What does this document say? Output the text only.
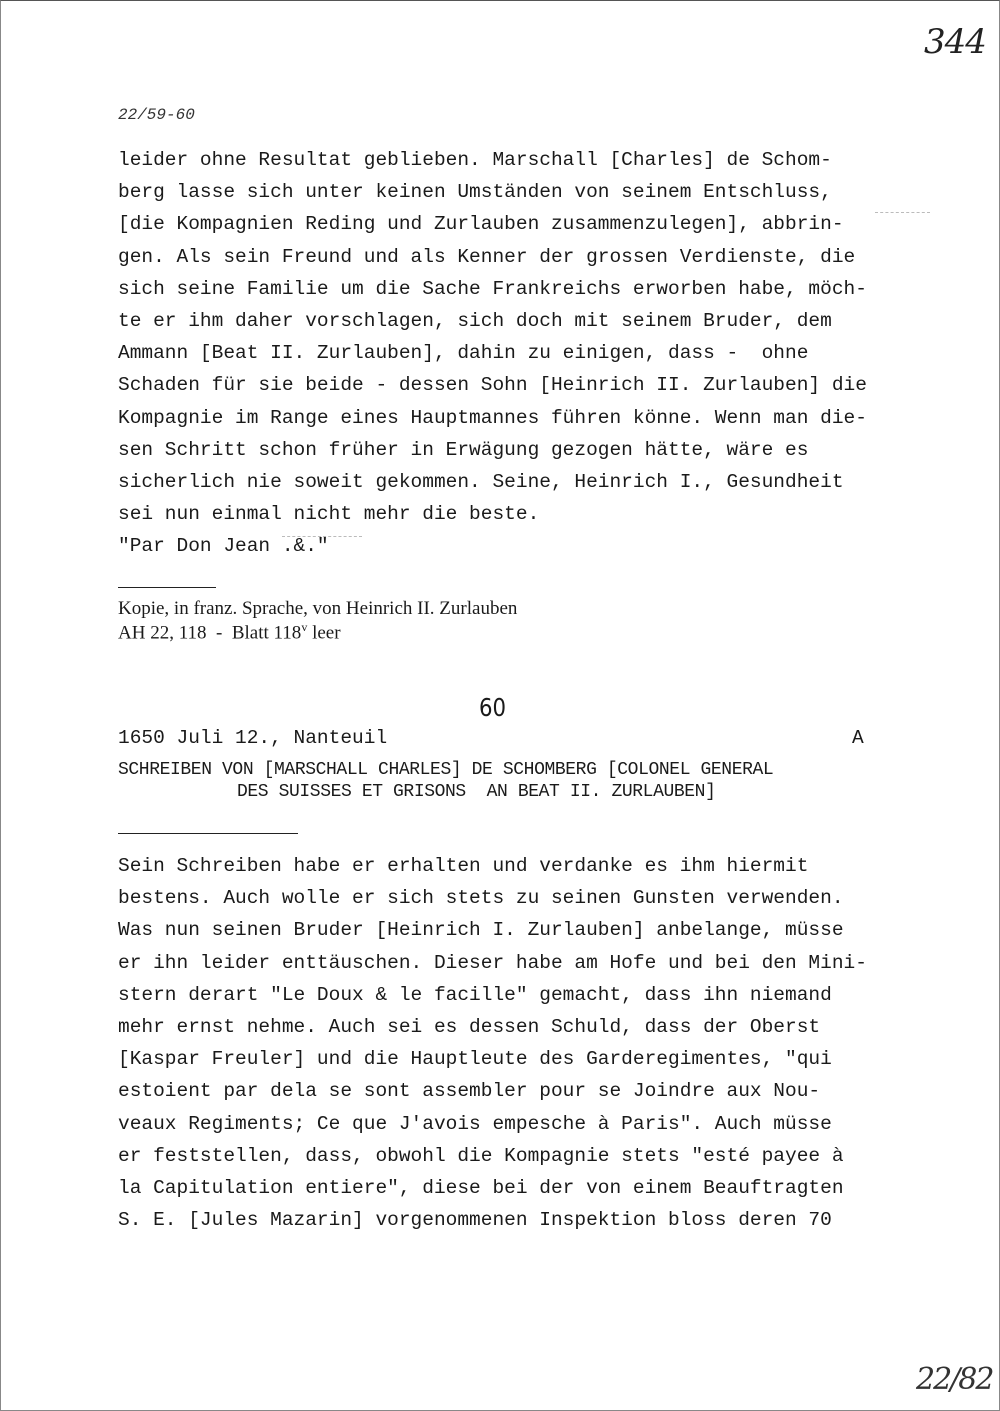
344
22/59-60
leider ohne Resultat geblieben. Marschall [Charles] de Schom-
berg lasse sich unter keinen Umständen von seinem Entschluss,
[die Kompagnien Reding und Zurlauben zusammenzulegen], abbrin-
gen. Als sein Freund und als Kenner der grossen Verdienste, die
sich seine Familie um die Sache Frankreichs erworben habe, möch-
te er ihm daher vorschlagen, sich doch mit seinem Bruder, dem
Ammann [Beat II. Zurlauben], dahin zu einigen, dass -  ohne
Schaden für sie beide - dessen Sohn [Heinrich II. Zurlauben] die
Kompagnie im Range eines Hauptmannes führen könne. Wenn man die-
sen Schritt schon früher in Erwägung gezogen hätte, wäre es
sicherlich nie soweit gekommen. Seine, Heinrich I., Gesundheit
sei nun einmal nicht mehr die beste.
"Par Don Jean .&."
Kopie, in franz. Sprache, von Heinrich II. Zurlauben
AH 22, 118  -  Blatt 118$^v$ leer
60
1650 Juli 12., Nanteuil	A
SCHREIBEN VON [MARSCHALL CHARLES] DE SCHOMBERG [COLONEL GENERAL
DES SUISSES ET GRISONS  AN BEAT II. ZURLAUBEN]
Sein Schreiben habe er erhalten und verdanke es ihm hiermit
bestens. Auch wolle er sich stets zu seinen Gunsten verwenden.
Was nun seinen Bruder [Heinrich I. Zurlauben] anbelange, müsse
er ihn leider enttäuschen. Dieser habe am Hofe und bei den Mini-
stern derart "Le Doux & le facille" gemacht, dass ihn niemand
mehr ernst nehme. Auch sei es dessen Schuld, dass der Oberst
[Kaspar Freuler] und die Hauptleute des Garderegimentes, "qui
estoient par dela se sont assembler pour se Joindre aux Nou-
veaux Regiments; Ce que J'avois empesche à Paris". Auch müsse
er feststellen, dass, obwohl die Kompagnie stets "esté payee à
la Capitulation entiere", diese bei der von einem Beauftragten
S. E. [Jules Mazarin] vorgenommenen Inspektion bloss deren 70
22/82
